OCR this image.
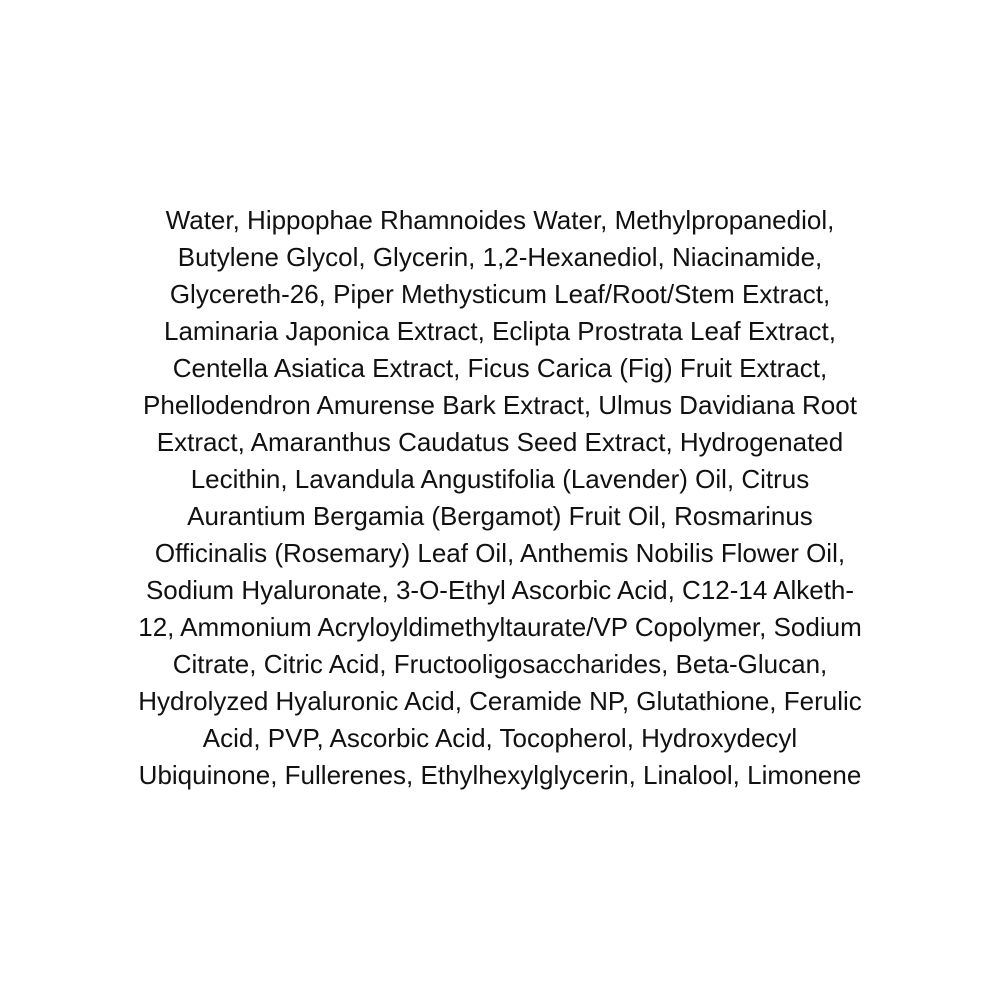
Water, Hippophae Rhamnoides Water, Methylpropanediol,
Butylene Glycol, Glycerin, 1,2-Hexanediol, Niacinamide,
Glycereth-26, Piper Methysticum Leaf/Root/Stem Extract,
Laminaria Japonica Extract, Eclipta Prostrata Leaf Extract,
Centella Asiatica Extract, Ficus Carica (Fig) Fruit Extract,
Phellodendron Amurense Bark Extract, Ulmus Davidiana Root
Extract, Amaranthus Caudatus Seed Extract, Hydrogenated
Lecithin, Lavandula Angustifolia (Lavender) Oil, Citrus
Aurantium Bergamia (Bergamot) Fruit Oil, Rosmarinus
Officinalis (Rosemary) Leaf Oil, Anthemis Nobilis Flower Oil,
Sodium Hyaluronate, 3-O-Ethyl Ascorbic Acid, C12-14 Alketh-
12, Ammonium Acryloyldimethyltaurate/VP Copolymer, Sodium
Citrate, Citric Acid, Fructooligosaccharides, Beta-Glucan,
Hydrolyzed Hyaluronic Acid, Ceramide NP, Glutathione, Ferulic
Acid, PVP, Ascorbic Acid, Tocopherol, Hydroxydecyl
Ubiquinone, Fullerenes, Ethylhexylglycerin, Linalool, Limonene
